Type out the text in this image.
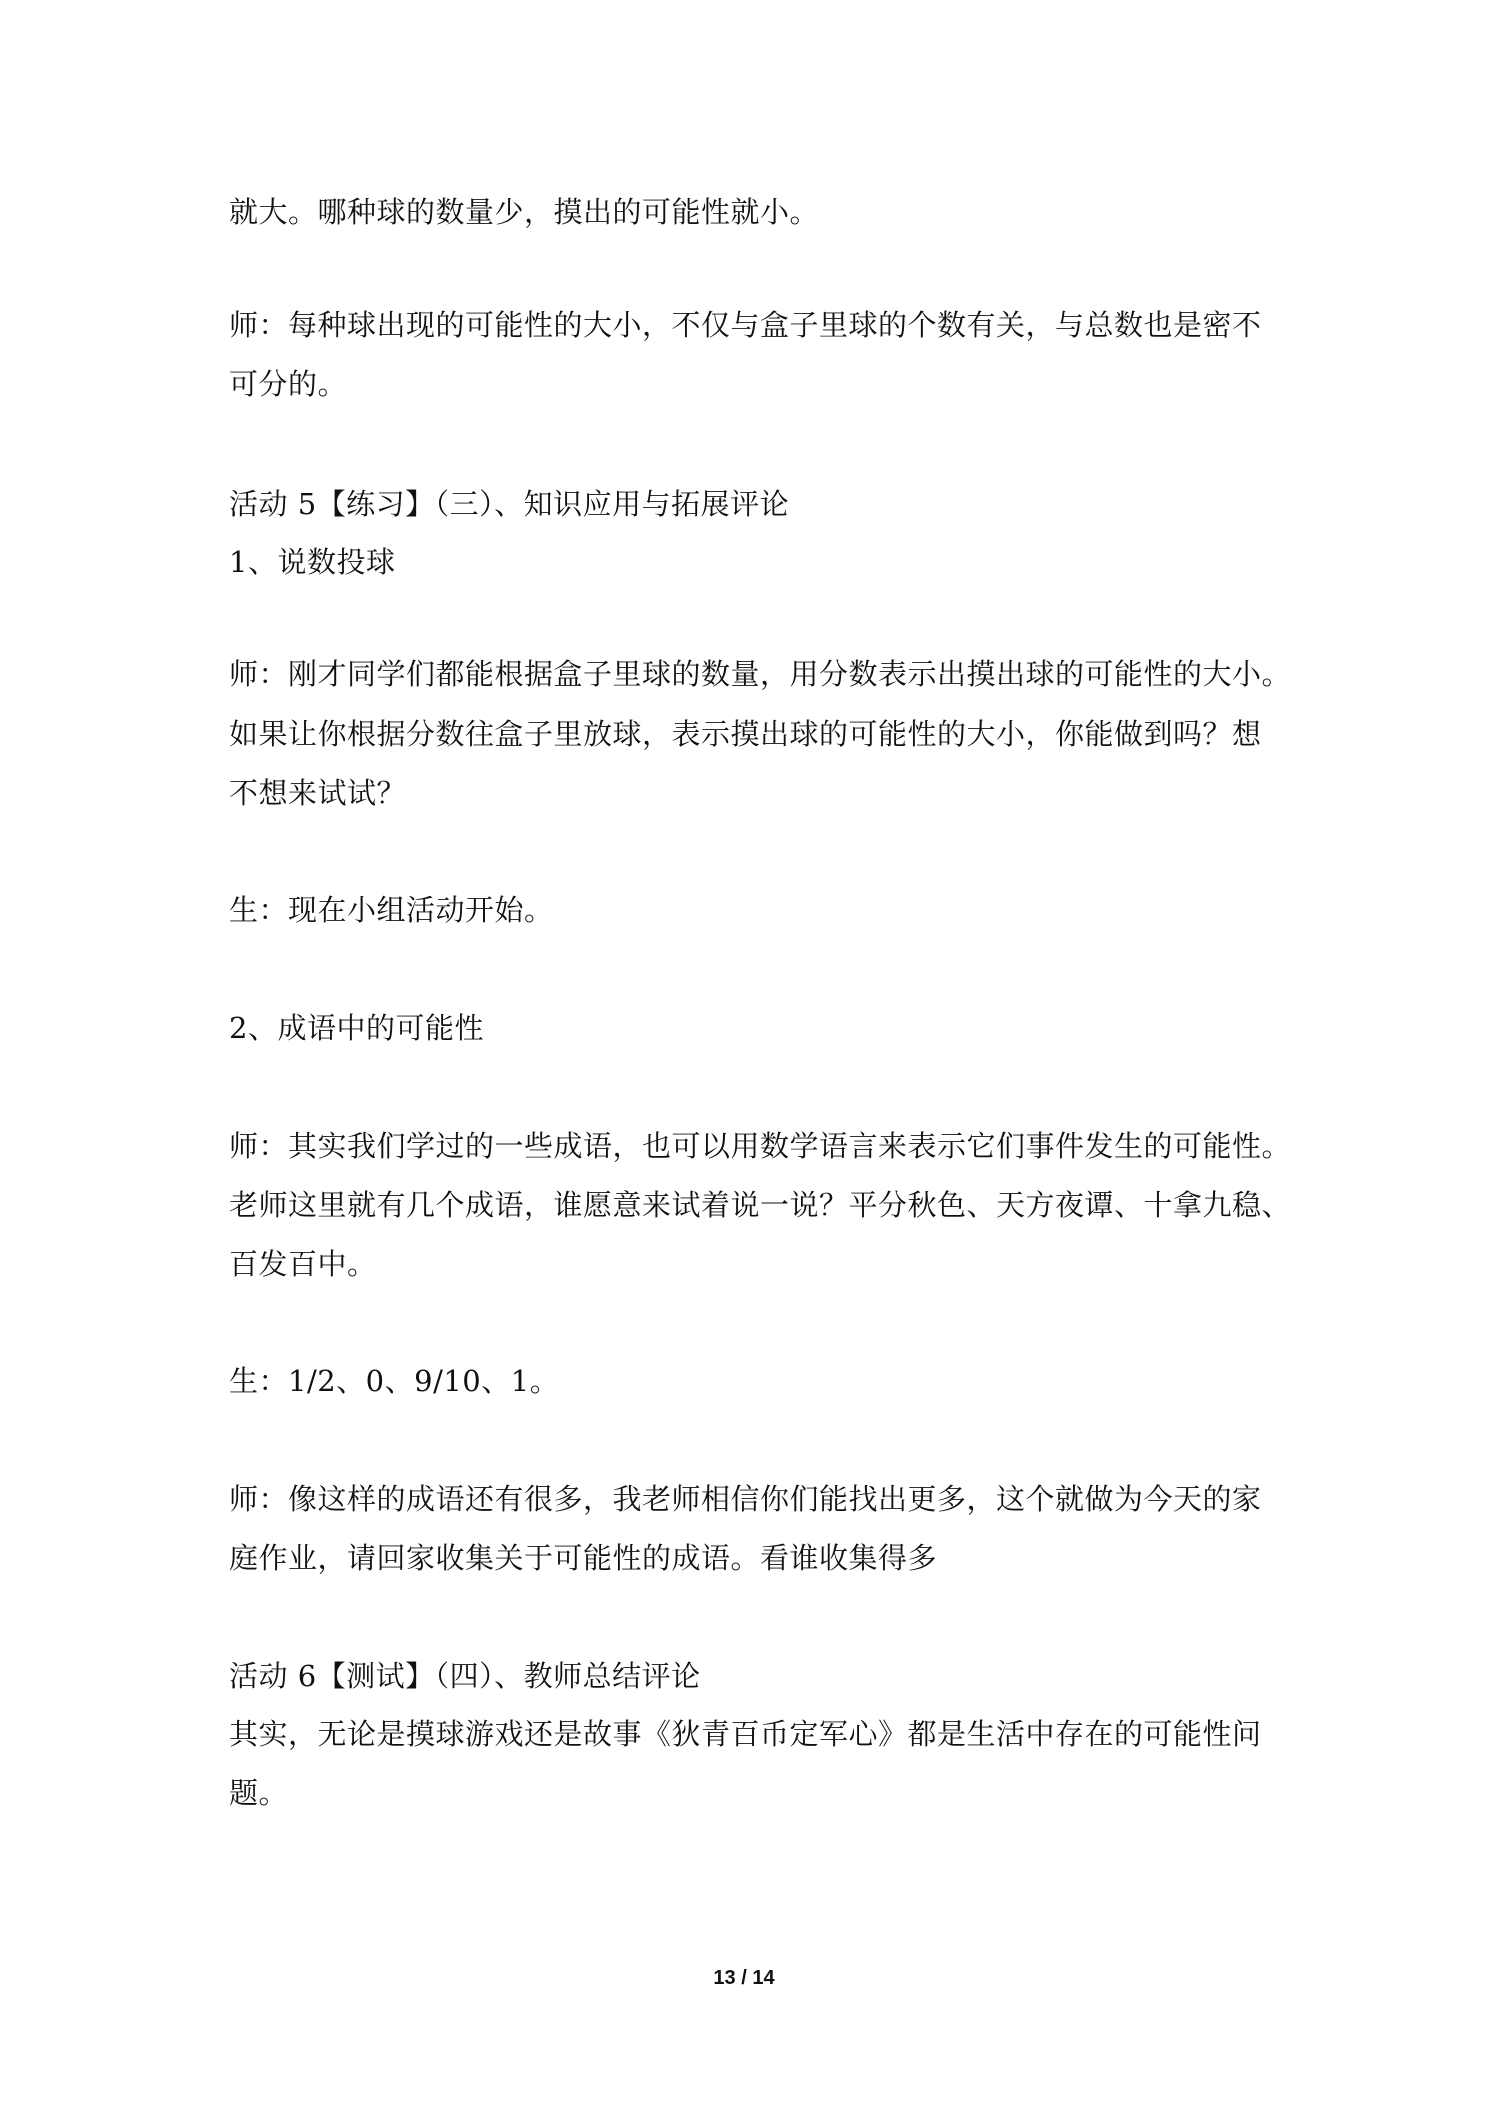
就大。哪种球的数量少，摸出的可能性就小。
师：每种球出现的可能性的大小，不仅与盒子里球的个数有关，与总数也是密不
可分的。
活动 5【练习】（三）、知识应用与拓展评论
1、说数投球
师：刚才同学们都能根据盒子里球的数量，用分数表示出摸出球的可能性的大小。
如果让你根据分数往盒子里放球，表示摸出球的可能性的大小，你能做到吗？想
不想来试试？
生：现在小组活动开始。
2、成语中的可能性
师：其实我们学过的一些成语，也可以用数学语言来表示它们事件发生的可能性。
老师这里就有几个成语，谁愿意来试着说一说？平分秋色、天方夜谭、十拿九稳、
百发百中。
生：1/2、0、9/10、1。
师：像这样的成语还有很多，我老师相信你们能找出更多，这个就做为今天的家
庭作业，请回家收集关于可能性的成语。看谁收集得多
活动 6【测试】（四）、教师总结评论
其实，无论是摸球游戏还是故事《狄青百币定军心》都是生活中存在的可能性问
题。
13 / 14
